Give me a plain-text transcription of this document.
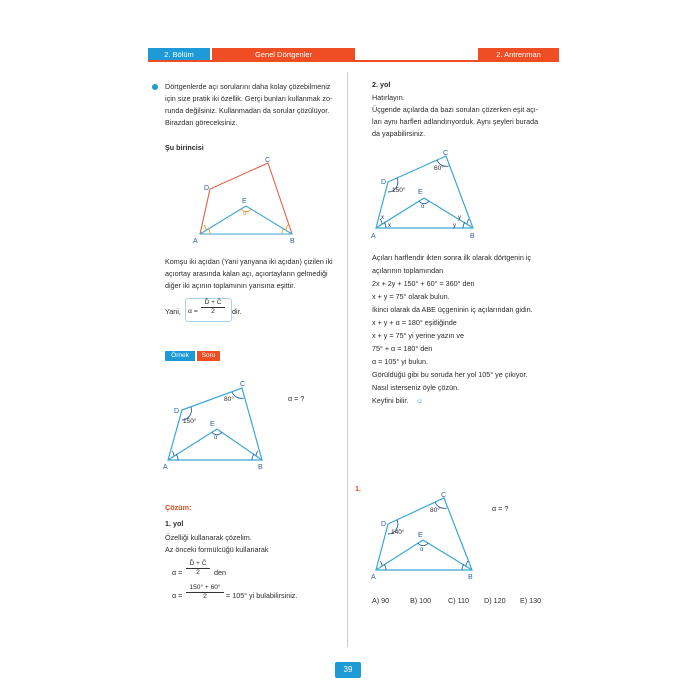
2. Bölüm	Genel Dörtgenler	2. Antrenman
Dörtgenlerde açı sorularını daha kolay çözebilmeniz
için size pratik iki özellik. Gerçi bunları kullanmak zo-
runda değilsiniz. Kullanmadan da sorular çözülüyor.
Birazdan göreceksiniz.
Şu birincisi
A	B
C
D
E
α
Komşu iki açıdan (Yani yanyana iki açıdan) çizilen iki
açıortay arasında kalan açı, açıortayların gelmediği
diğer iki açının toplamının yarısına eşittir.
Yani, $\alpha = \frac{D̂ + Ĉ}{2}$ dir.
Örnek	Soru
A	B
C
D
E
α
80°
150°
α = ?
Çözüm:
1. yol
Özelliği kullanarak çözelim.
Az önceki formülcüğü kullanarak
$\alpha = \frac{D̂ + Ĉ}{2}$ den
$\alpha = \frac{150^\circ + 60^\circ}{2} = 105^\circ$ yi bulabilirsiniz.
2. yol
Hatırlayın.
Üçgende açılarda da bazı soruları çözerken eşit açı-
ları aynı harfleri adlandırıyorduk. Aynı şeyleri burada
da yapabilirsiniz.
A	B
C
D
E
α
60°
150°
x
x
y
y
Açıları harflendir ikten sonra ilk olarak dörtgenin iç
açılarının toplamından
2x + 2y + 150° + 60° = 360° den
x + y = 75° olarak bulun.
İkinci olarak da ABE üçgeninin iç açılarından gidin.
x + y + α = 180° eşitliğinde
x + y = 75° yi yerine yazın ve
75° + α = 180° den
α = 105° yi bulun.
Görüldüğü gibi bu soruda her yol 105° ye çıkıyor.
Nasıl isterseniz öyle çözün.
Keyfini bilir. ☺
1.
A	B
C
D
E
α
80°
140°
α = ?
A) 90	B) 100 C) 110 D) 120 E) 130
39
